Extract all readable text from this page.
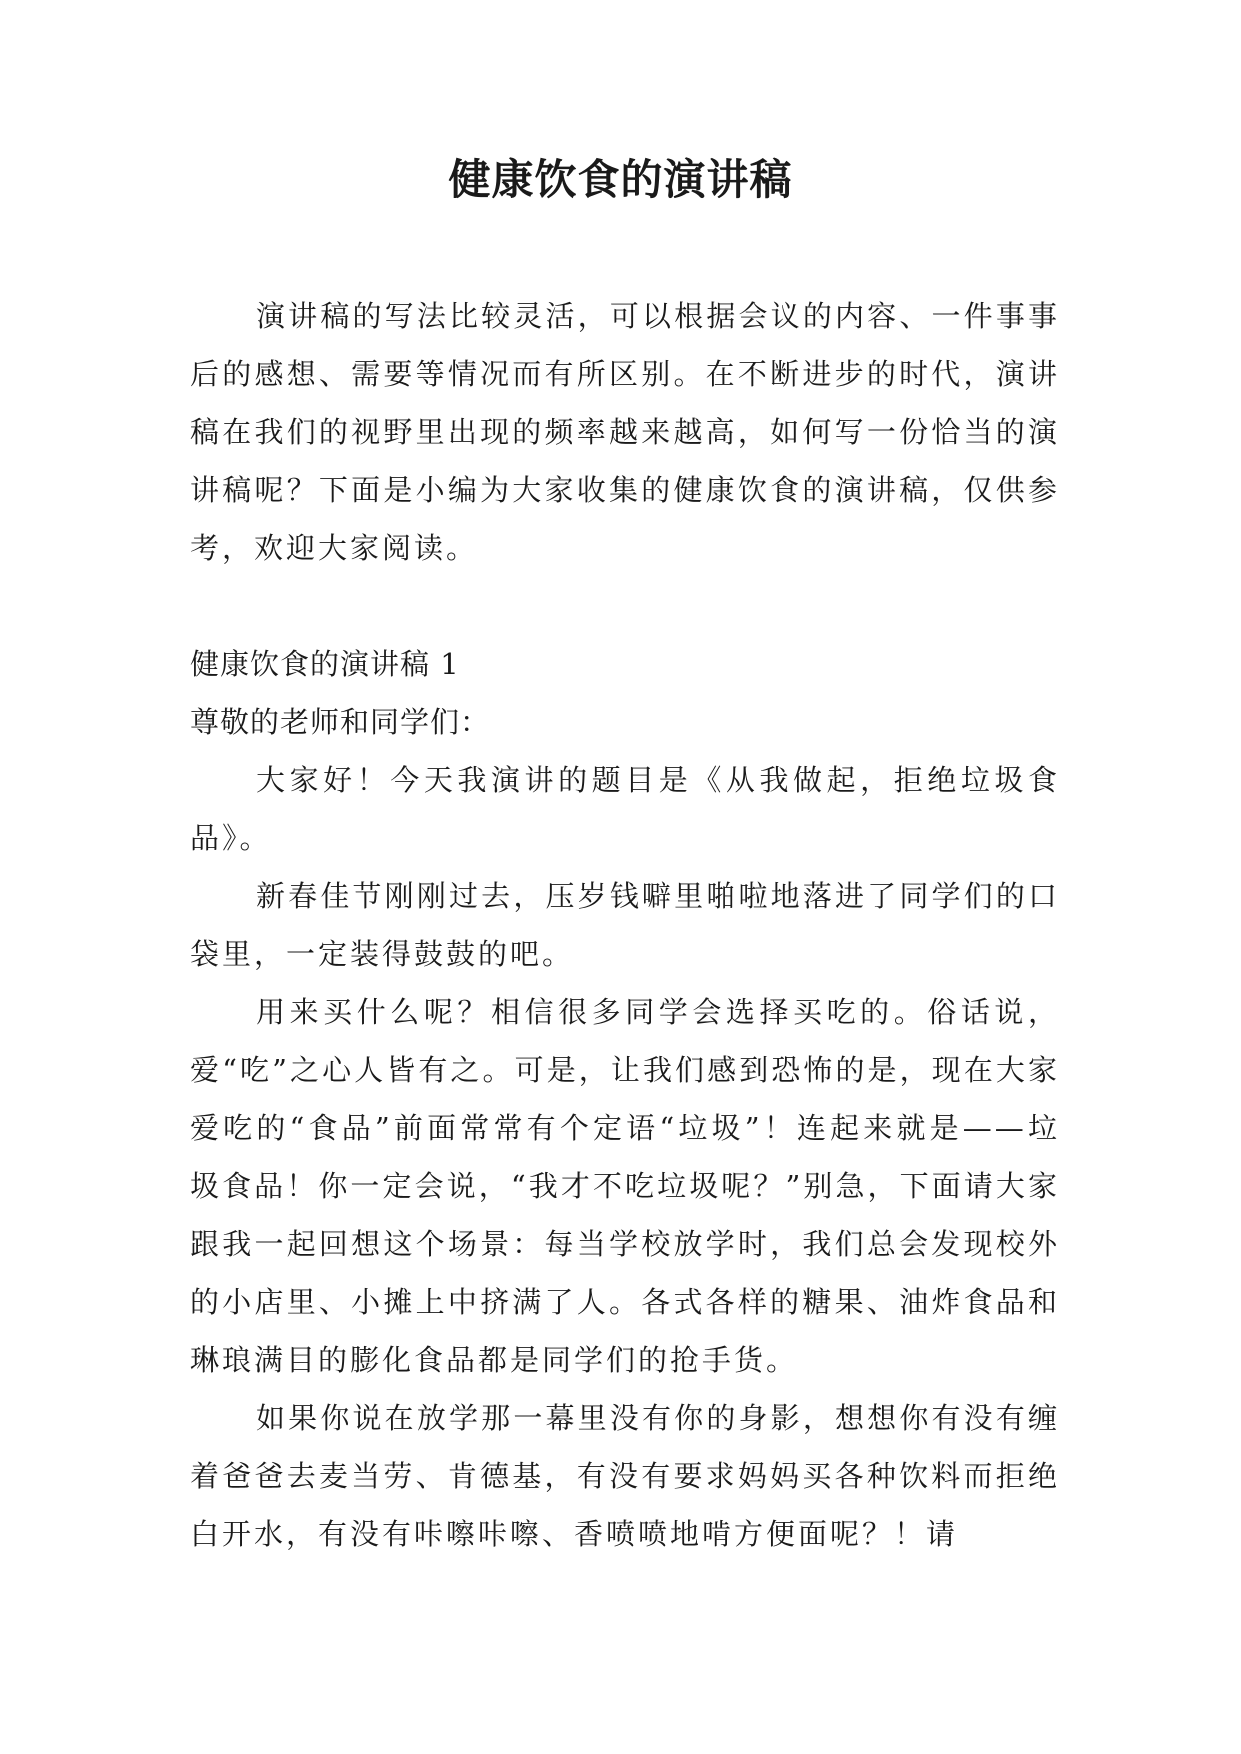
健康饮食的演讲稿

演讲稿的写法比较灵活，可以根据会议的内容、一件事事后的感想、需要等情况而有所区别。在不断进步的时代，演讲稿在我们的视野里出现的频率越来越高，如何写一份恰当的演讲稿呢？下面是小编为大家收集的健康饮食的演讲稿，仅供参考，欢迎大家阅读。

健康饮食的演讲稿 1

尊敬的老师和同学们：

大家好！今天我演讲的题目是《从我做起，拒绝垃圾食品》。

新春佳节刚刚过去，压岁钱噼里啪啦地落进了同学们的口袋里，一定装得鼓鼓的吧。

用来买什么呢？相信很多同学会选择买吃的。俗话说，爱“吃”之心人皆有之。可是，让我们感到恐怖的是，现在大家爱吃的“食品”前面常常有个定语“垃圾”！连起来就是——垃圾食品！你一定会说，“我才不吃垃圾呢？”别急，下面请大家跟我一起回想这个场景：每当学校放学时，我们总会发现校外的小店里、小摊上中挤满了人。各式各样的糖果、油炸食品和琳琅满目的膨化食品都是同学们的抢手货。

如果你说在放学那一幕里没有你的身影，想想你有没有缠着爸爸去麦当劳、肯德基，有没有要求妈妈买各种饮料而拒绝白开水，有没有咔嚓咔嚓、香喷喷地啃方便面呢？！请
